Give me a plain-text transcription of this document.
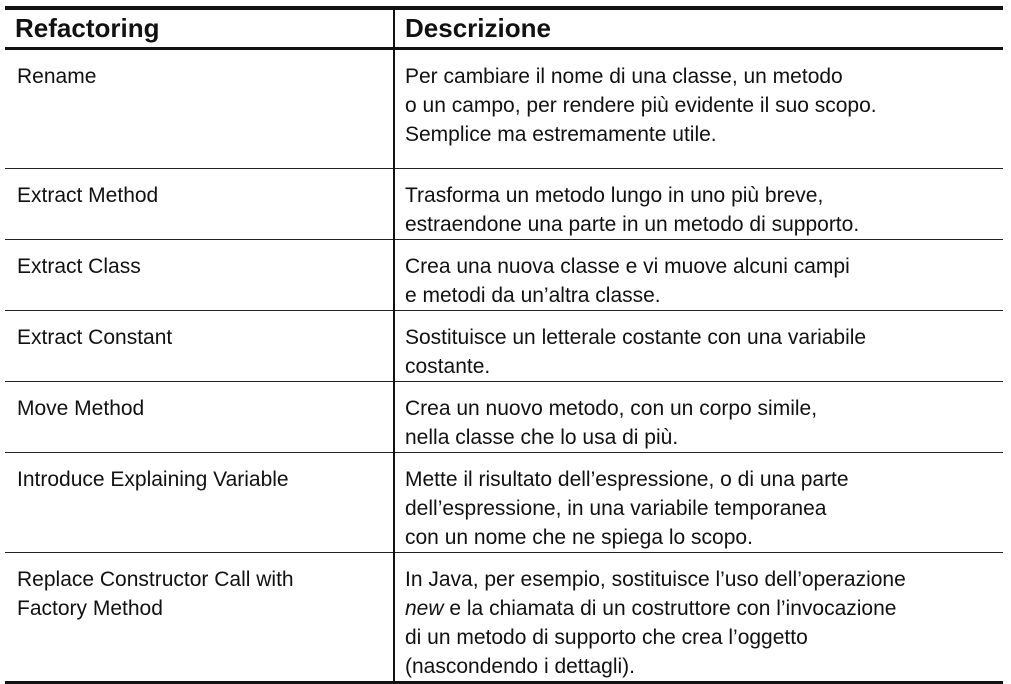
Refactoring	Descrizione

Rename	Per cambiare il nome di una classe, un metodo
o un campo, per rendere più evidente il suo scopo.
Semplice ma estremamente utile.

Extract Method	Trasforma un metodo lungo in uno più breve,
estraendone una parte in un metodo di supporto.

Extract Class	Crea una nuova classe e vi muove alcuni campi
e metodi da un’altra classe.

Extract Constant	Sostituisce un letterale costante con una variabile
costante.

Move Method	Crea un nuovo metodo, con un corpo simile,
nella classe che lo usa di più.

Introduce Explaining Variable	Mette il risultato dell’espressione, o di una parte
dell’espressione, in una variabile temporanea
con un nome che ne spiega lo scopo.

Replace Constructor Call with
Factory Method	In Java, per esempio, sostituisce l’uso dell’operazione
new e la chiamata di un costruttore con l’invocazione
di un metodo di supporto che crea l’oggetto
(nascondendo i dettagli).
